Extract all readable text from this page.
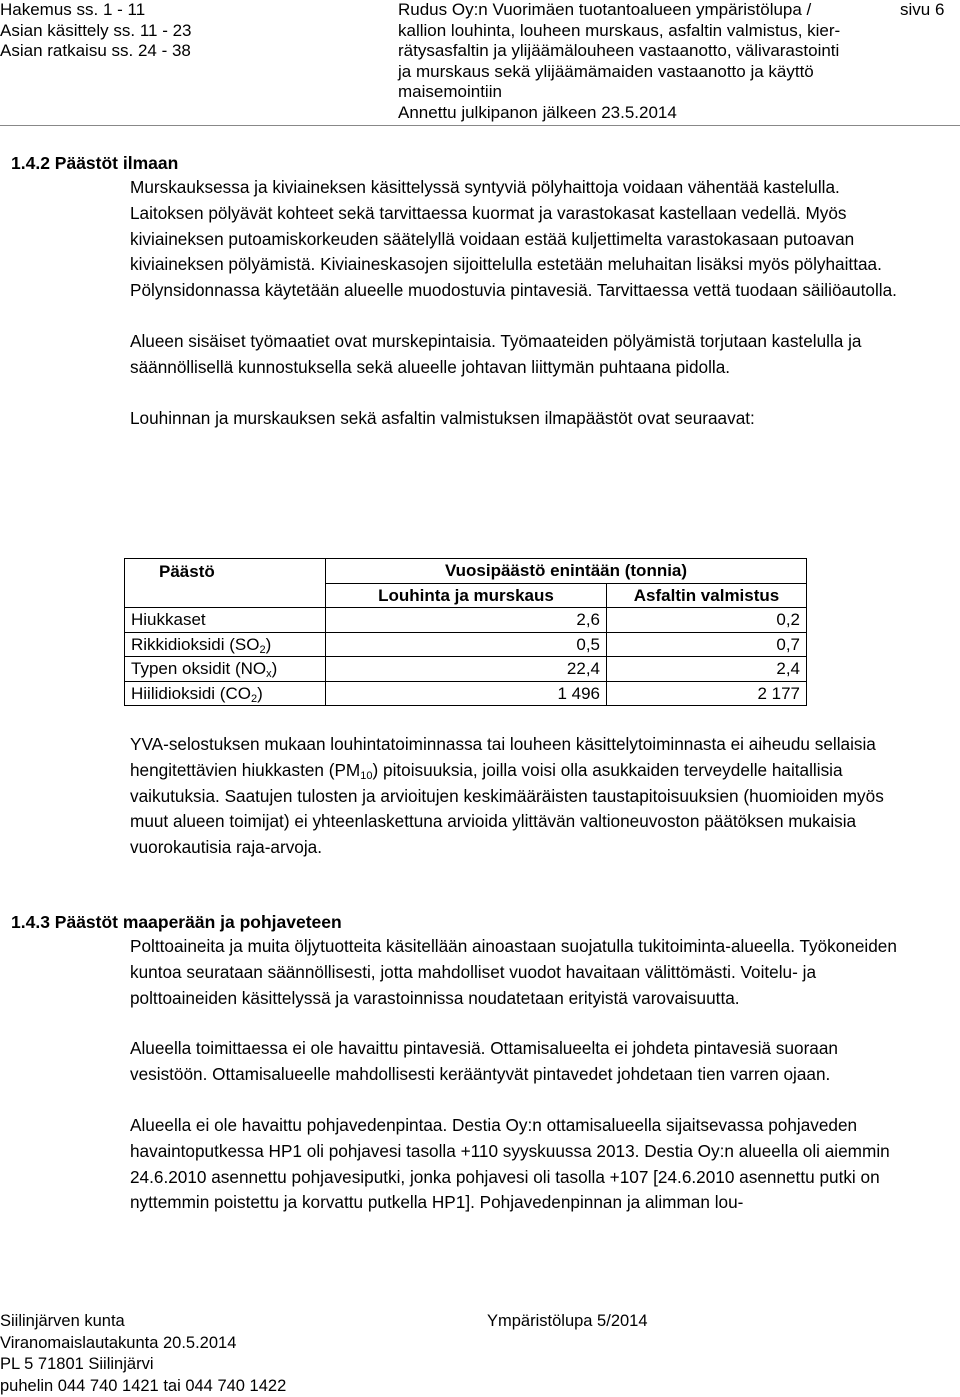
Hakemus ss. 1 - 11
Asian käsittely ss. 11 - 23
Asian ratkaisu ss. 24 - 38
Rudus Oy:n Vuorimäen tuotantoalueen ympäristölupa /
kallion louhinta, louheen murskaus, asfaltin valmistus, kier-
rätysasfaltin ja ylijäämälouheen vastaanotto, välivarastointi
ja murskaus sekä ylijäämämaiden vastaanotto ja käyttö
maisemointiin
Annettu julkipanon jälkeen 23.5.2014
sivu 6
1.4.2 Päästöt ilmaan

Murskauksessa ja kiviaineksen käsittelyssä syntyviä pölyhaittoja voidaan vähentää kastelulla. Laitoksen pölyävät kohteet sekä tarvittaessa kuormat ja varastokasat kastellaan vedellä. Myös kiviaineksen putoamiskorkeuden säätelyllä voidaan estää kuljettimelta varastokasaan putoavan kiviaineksen pölyämistä. Kiviaineskasojen sijoittelulla estetään meluhaitan lisäksi myös pölyhaittaa. Pölynsidonnassa käytetään alueelle muodostuvia pintavesiä. Tarvittaessa vettä tuodaan säiliöautolla.

Alueen sisäiset työmaatiet ovat murskepintaisia. Työmaateiden pölyämistä torjutaan kastelulla ja säännöllisellä kunnostuksella sekä alueelle johtavan liittymän puhtaana pidolla.

Louhinnan ja murskauksen sekä asfaltin valmistuksen ilmapäästöt ovat seuraavat:

Päästö	Vuosipäästö enintään (tonnia)	
	Louhinta ja murskaus	Asfaltin valmistus
Hiukkaset	2,6	0,2
Rikkidioksidi $(SO_2)$	0,5	0,7
Typen oksidit $(NO_x)$	22,4	2,4
Hiilidioksidi $(CO_2)$	1 496	2 177

YVA-selostuksen mukaan louhintatoiminnassa tai louheen käsittelytoiminnasta ei aiheudu sellaisia hengitettävien hiukkasten $(PM_{10})$ pitoisuuksia, joilla voisi olla asukkaiden terveydelle haitallisia vaikutuksia. Saatujen tulosten ja arvioitujen keskimääräisten taustapitoisuuksien (huomioiden myös muut alueen toimijat) ei yhteenlaskettuna arvioida ylittävän valtioneuvoston päätöksen mukaisia vuorokautisia raja-arvoja.

1.4.3 Päästöt maaperään ja pohjaveteen

Polttoaineita ja muita öljytuotteita käsitellään ainoastaan suojatulla tukitoiminta-alueella. Työkoneiden kuntoa seurataan säännöllisesti, jotta mahdolliset vuodot havaitaan välittömästi. Voitelu- ja polttoaineiden käsittelyssä ja varastoinnissa noudatetaan erityistä varovaisuutta.

Alueella toimittaessa ei ole havaittu pintavesiä. Ottamisalueelta ei johdeta pintavesiä suoraan vesistöön. Ottamisalueelle mahdollisesti kerääntyvät pintavedet johdetaan tien varren ojaan.

Alueella ei ole havaittu pohjavedenpintaa. Destia Oy:n ottamisalueella sijaitsevassa pohjaveden havaintoputkessa HP1 oli pohjavesi tasolla +110 syyskuussa 2013. Destia Oy:n alueella oli aiemmin 24.6.2010 asennettu pohjavesiputki, jonka pohjavesi oli tasolla +107 [24.6.2010 asennettu putki on nyttemmin poistettu ja korvattu putkella HP1]. Pohjavedenpinnan ja alimman lou-

Siilinjärven kunta	Ympäristölupa 5/2014
Viranomaislautakunta 20.5.2014
PL 5 71801 Siilinjärvi
puhelin 044 740 1421 tai 044 740 1422
